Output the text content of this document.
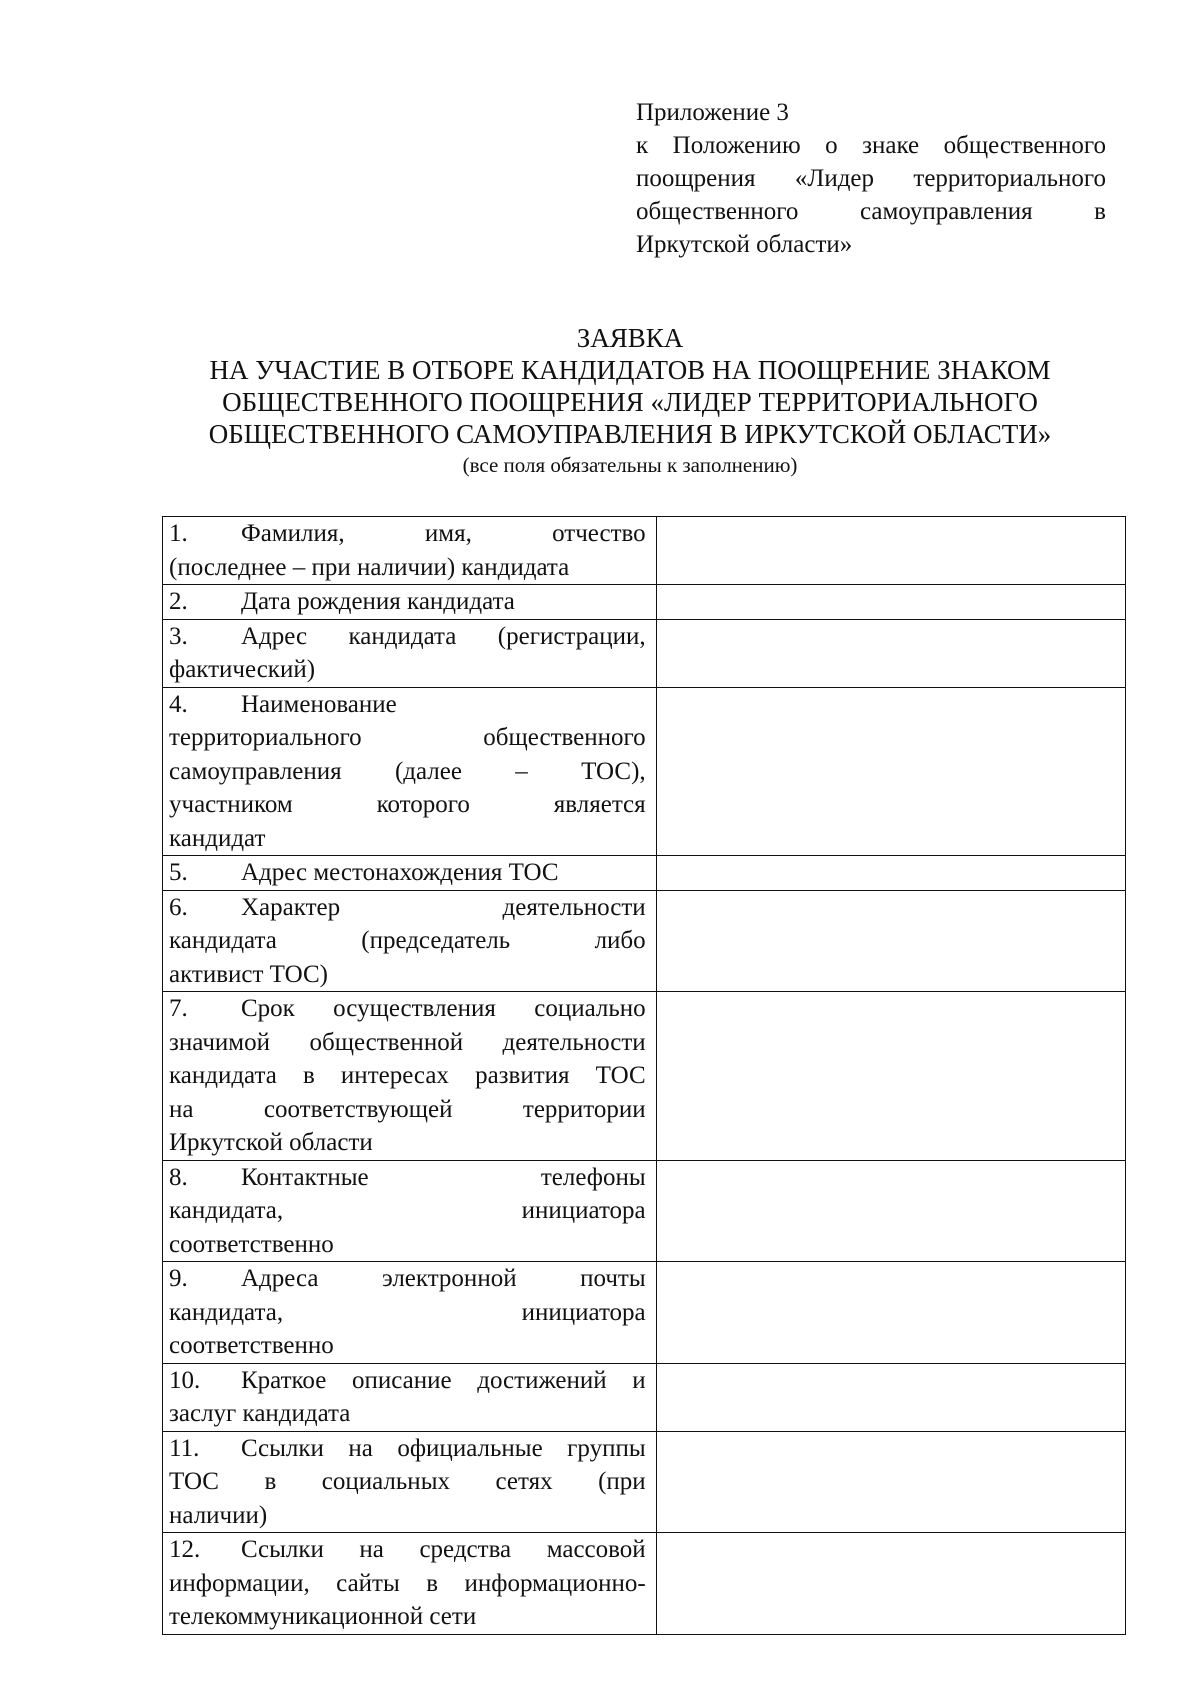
Приложение 3
к Положению о знаке общественного
поощрения «Лидер территориального
общественного самоуправления в
Иркутской области»
ЗАЯВКА
НА УЧАСТИЕ В ОТБОРЕ КАНДИДАТОВ НА ПООЩРЕНИЕ ЗНАКОМ
ОБЩЕСТВЕННОГО ПООЩРЕНИЯ «ЛИДЕР ТЕРРИТОРИАЛЬНОГО
ОБЩЕСТВЕННОГО САМОУПРАВЛЕНИЯ В ИРКУТСКОЙ ОБЛАСТИ»
(все поля обязательны к заполнению)
1. Фамилия, имя, отчество
(последнее – при наличии) кандидата	

2. Дата рождения кандидата	

3. Адрес кандидата (регистрации,
фактический)	

4. Наименование
территориального общественного
самоуправления (далее – ТОС),
участником которого является
кандидат	

5. Адрес местонахождения ТОС	

6. Характер деятельности
кандидата (председатель либо
активист ТОС)	

7. Срок осуществления социально
значимой общественной деятельности
кандидата в интересах развития ТОС
на соответствующей территории
Иркутской области	

8. Контактные телефоны
кандидата, инициатора
соответственно	

9. Адреса электронной почты
кандидата, инициатора
соответственно	

10. Краткое описание достижений и
заслуг кандидата	

11. Ссылки на официальные группы
ТОС в социальных сетях (при
наличии)	

12. Ссылки на средства массовой
информации, сайты в информационно-
телекоммуникационной сети	
